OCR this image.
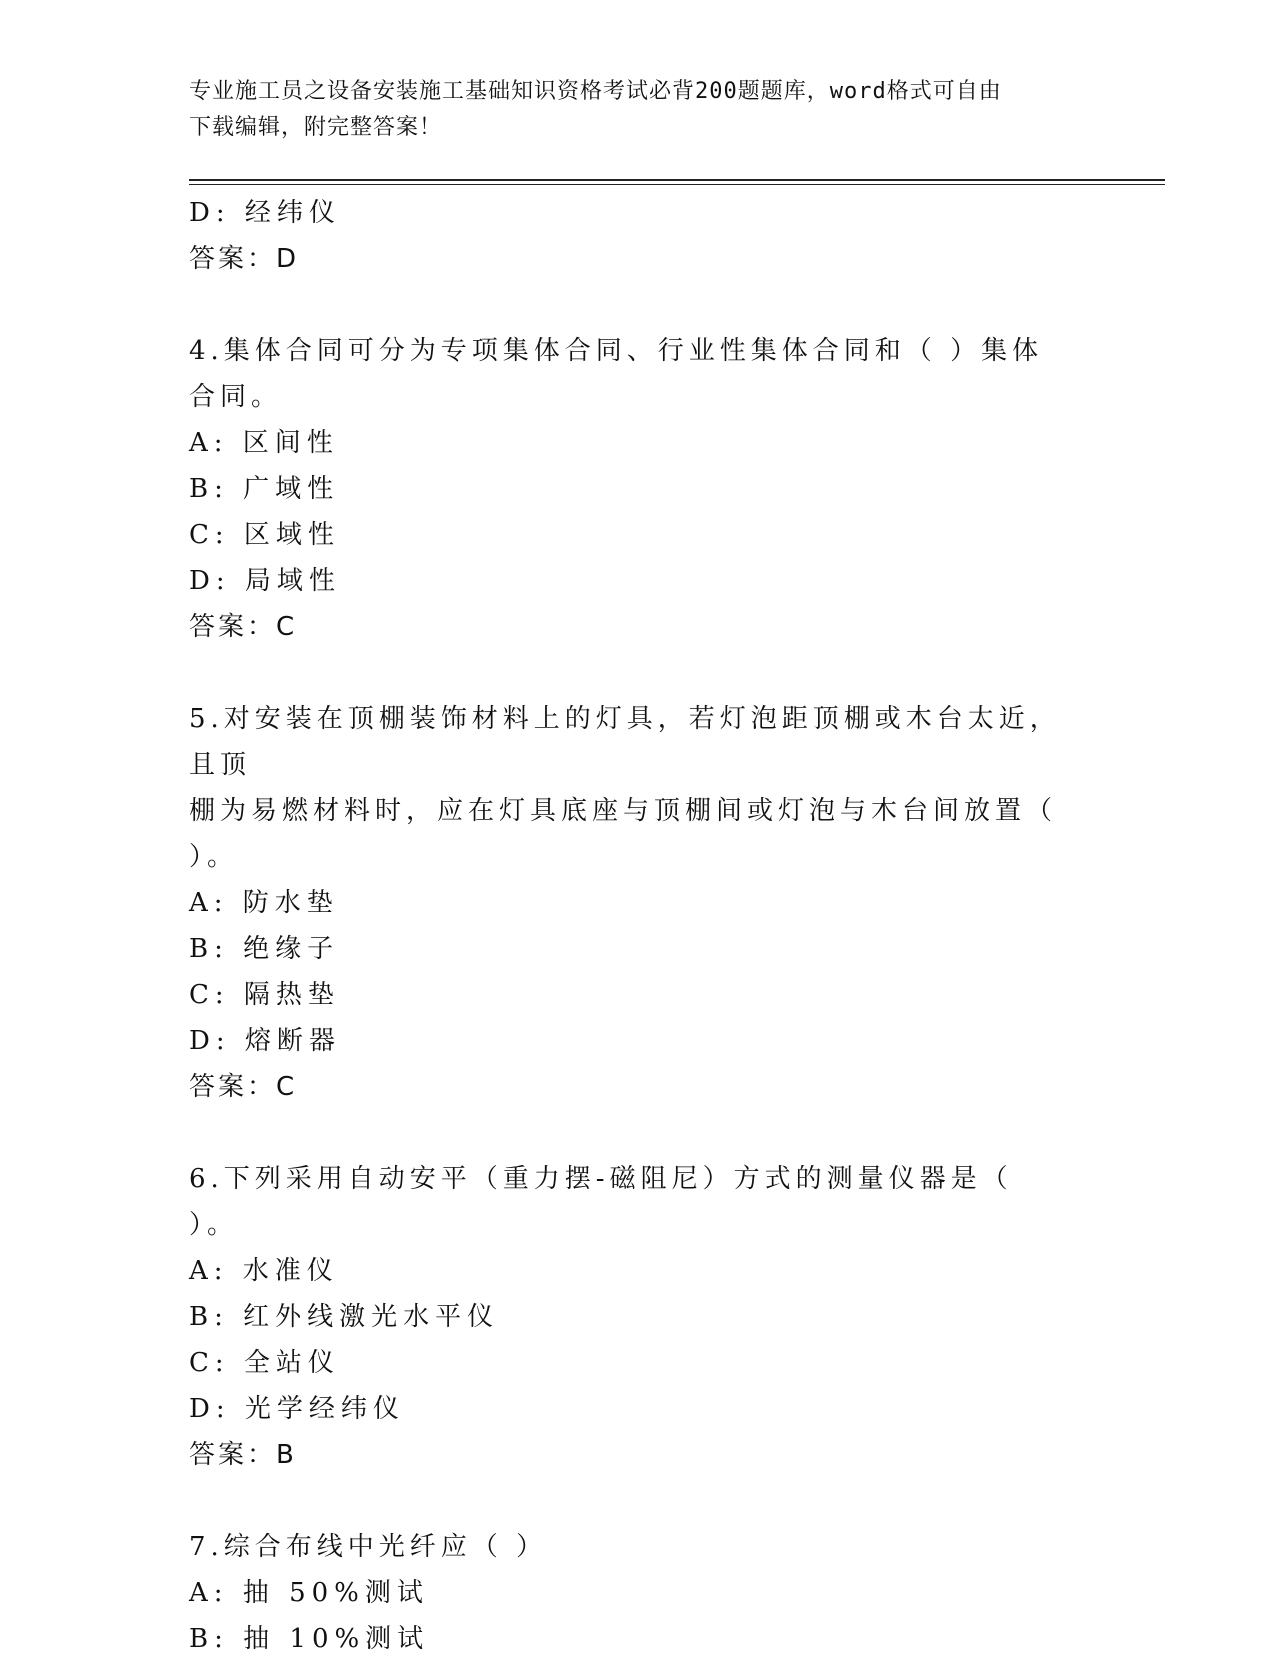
专业施工员之设备安装施工基础知识资格考试必背200题题库，word格式可自由
下载编辑，附完整答案！
D: 经纬仪
答案：D
4.集体合同可分为专项集体合同、行业性集体合同和（ ）集体合同。
A: 区间性
B: 广域性
C: 区域性
D: 局域性
答案：C
5.对安装在顶棚装饰材料上的灯具，若灯泡距顶棚或木台太近，且顶
棚为易燃材料时，应在灯具底座与顶棚间或灯泡与木台间放置（ ）。
A: 防水垫
B: 绝缘子
C: 隔热垫
D: 熔断器
答案：C
6.下列采用自动安平（重力摆-磁阻尼）方式的测量仪器是（ ）。
A: 水准仪
B: 红外线激光水平仪
C: 全站仪
D: 光学经纬仪
答案：B
7.综合布线中光纤应（ ）
A: 抽 50%测试
B: 抽 10%测试
